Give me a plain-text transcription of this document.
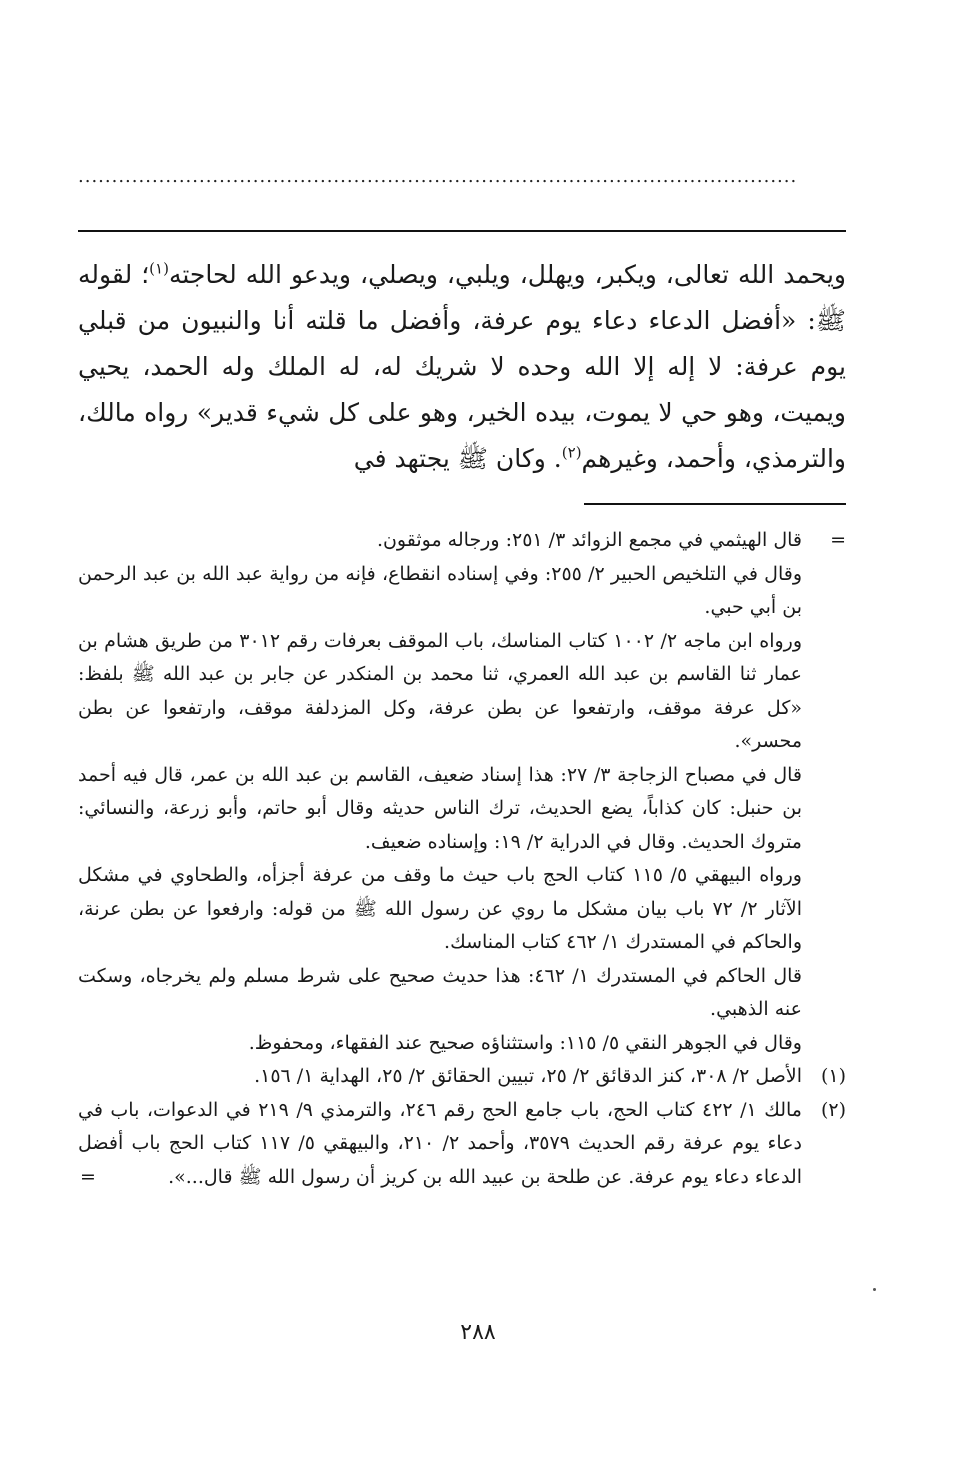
...........................................................................................................

ويحمد الله تعالى، ويكبر، ويهلل، ويلبي، ويصلي، ويدعو الله لحاجته$^{(١)}$؛ لقوله ﷺ: «أفضل الدعاء دعاء يوم عرفة، وأفضل ما قلته أنا والنبيون من قبلي يوم عرفة: لا إله إلا الله وحده لا شريك له، له الملك وله الحمد، يحيي ويميت، وهو حي لا يموت، بيده الخير، وهو على كل شيء قدير» رواه مالك، والترمذي، وأحمد، وغيرهم$^{(٢)}$. وكان ﷺ يجتهد في

=

قال الهيثمي في مجمع الزوائد ٣/ ٢٥١: ورجاله موثقون.

وقال في التلخيص الحبير ٢/ ٢٥٥: وفي إسناده انقطاع، فإنه من رواية عبد الله بن عبد الرحمن بن أبي حبي.

ورواه ابن ماجه ٢/ ١٠٠٢ كتاب المناسك، باب الموقف بعرفات رقم ٣٠١٢ من طريق هشام بن عمار ثنا القاسم بن عبد الله العمري، ثنا محمد بن المنكدر عن جابر بن عبد الله ﷺ بلفظ: «كل عرفة موقف، وارتفعوا عن بطن عرفة، وكل المزدلفة موقف، وارتفعوا عن بطن محسر».

قال في مصباح الزجاجة ٣/ ٢٧: هذا إسناد ضعيف، القاسم بن عبد الله بن عمر، قال فيه أحمد بن حنبل: كان كذاباً، يضع الحديث، ترك الناس حديثه وقال أبو حاتم، وأبو زرعة، والنسائي: متروك الحديث. وقال في الدراية ٢/ ١٩: وإسناده ضعيف.

ورواه البيهقي ٥/ ١١٥ كتاب الحج باب حيث ما وقف من عرفة أجزأه، والطحاوي في مشكل الآثار ٢/ ٧٢ باب بيان مشكل ما روي عن رسول الله ﷺ من قوله: وارفعوا عن بطن عرنة، والحاكم في المستدرك ١/ ٤٦٢ كتاب المناسك.

قال الحاكم في المستدرك ١/ ٤٦٢: هذا حديث صحيح على شرط مسلم ولم يخرجاه، وسكت عنه الذهبي.

وقال في الجوهر النقي ٥/ ١١٥: واستثناؤه صحيح عند الفقهاء، ومحفوظ.

(١)

الأصل ٢/ ٣٠٨، كنز الدقائق ٢/ ٢٥، تبيين الحقائق ٢/ ٢٥، الهداية ١/ ١٥٦.

(٢)

مالك ١/ ٤٢٢ كتاب الحج، باب جامع الحج رقم ٢٤٦، والترمذي ٩/ ٢١٩ في الدعوات، باب في دعاء يوم عرفة رقم الحديث ٣٥٧٩، وأحمد ٢/ ٢١٠، والبيهقي ٥/ ١١٧ كتاب الحج باب أفضل الدعاء دعاء يوم عرفة. عن طلحة بن عبيد الله بن كريز أن رسول الله ﷺ قال...».

=
٢٨٨
